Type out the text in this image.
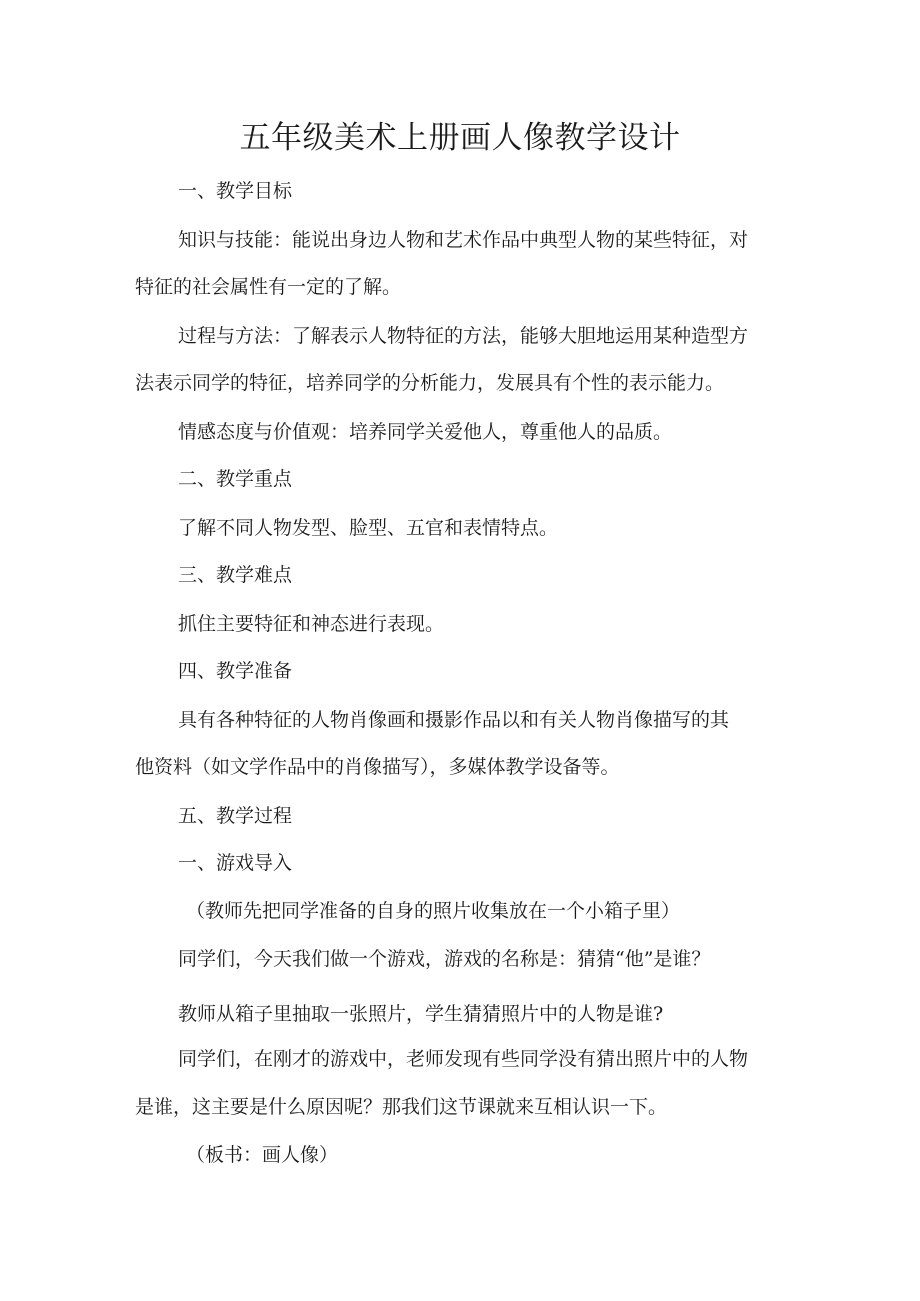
五年级美术上册画人像教学设计
一、教学目标
知识与技能：能说出身边人物和艺术作品中典型人物的某些特征，对
特征的社会属性有一定的了解。
过程与方法：了解表示人物特征的方法，能够大胆地运用某种造型方
法表示同学的特征，培养同学的分析能力，发展具有个性的表示能力。
情感态度与价值观：培养同学关爱他人，尊重他人的品质。
二、教学重点
了解不同人物发型、脸型、五官和表情特点。
三、教学难点
抓住主要特征和神态进行表现。
四、教学准备
具有各种特征的人物肖像画和摄影作品以和有关人物肖像描写的其
他资料（如文学作品中的肖像描写），多媒体教学设备等。
五、教学过程
一、游戏导入
（教师先把同学准备的自身的照片收集放在一个小箱子里）
同学们，今天我们做一个游戏，游戏的名称是：猜猜“他”是谁？
教师从箱子里抽取一张照片，学生猜猜照片中的人物是谁?
同学们，在刚才的游戏中，老师发现有些同学没有猜出照片中的人物
是谁，这主要是什么原因呢？那我们这节课就来互相认识一下。
（板书：画人像）
